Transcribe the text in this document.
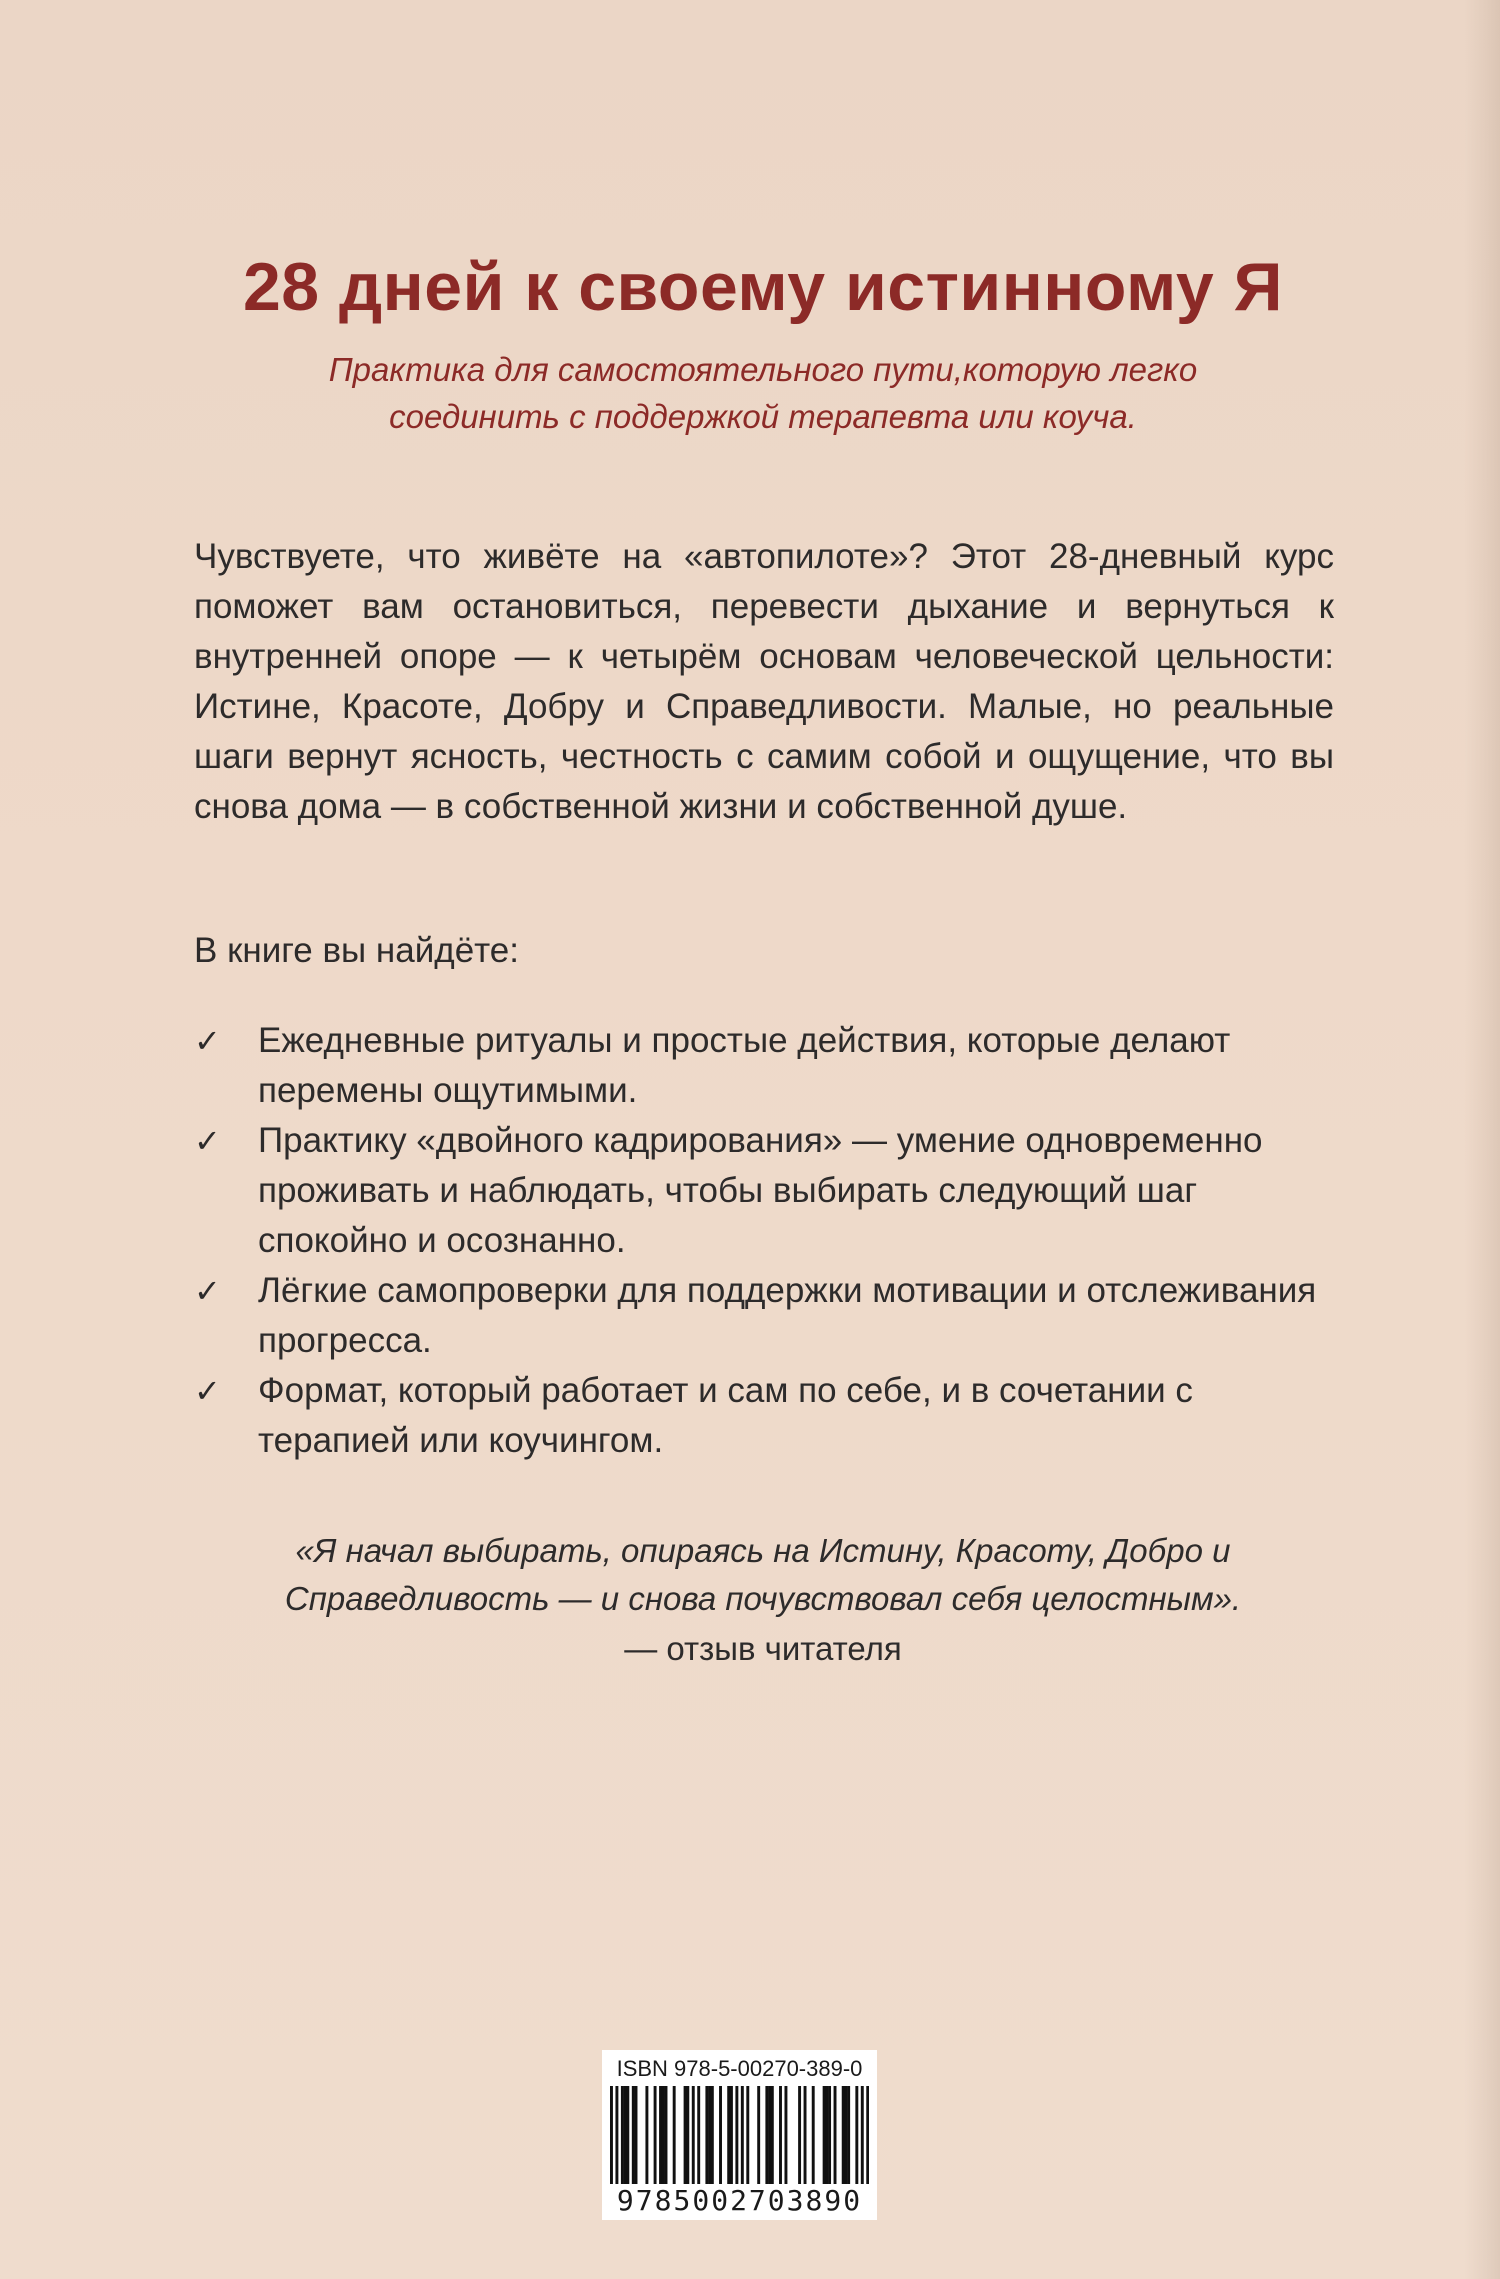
28 дней к своему истинному Я

Практика для самостоятельного пути,которую легко соединить с поддержкой терапевта или коуча.

Чувствуете, что живёте на «автопилоте»? Этот 28-дневный курс поможет вам остановиться, перевести дыхание и вернуться к внутренней опоре — к четырём основам человеческой цельности: Истине, Красоте, Добру и Справедливости. Малые, но реальные шаги вернут ясность, честность с самим собой и ощущение, что вы снова дома — в собственной жизни и собственной душе.

В книге вы найдёте:

✓ Ежедневные ритуалы и простые действия, которые делают перемены ощутимыми.
✓ Практику «двойного кадрирования» — умение одновременно проживать и наблюдать, чтобы выбирать следующий шаг спокойно и осознанно.
✓ Лёгкие самопроверки для поддержки мотивации и отслеживания прогресса.
✓ Формат, который работает и сам по себе, и в сочетании с терапией или коучингом.

«Я начал выбирать, опираясь на Истину, Красоту, Добро и Справедливость — и снова почувствовал себя целостным».

— отзыв читателя

ISBN 978-5-00270-389-0
9785002703890
